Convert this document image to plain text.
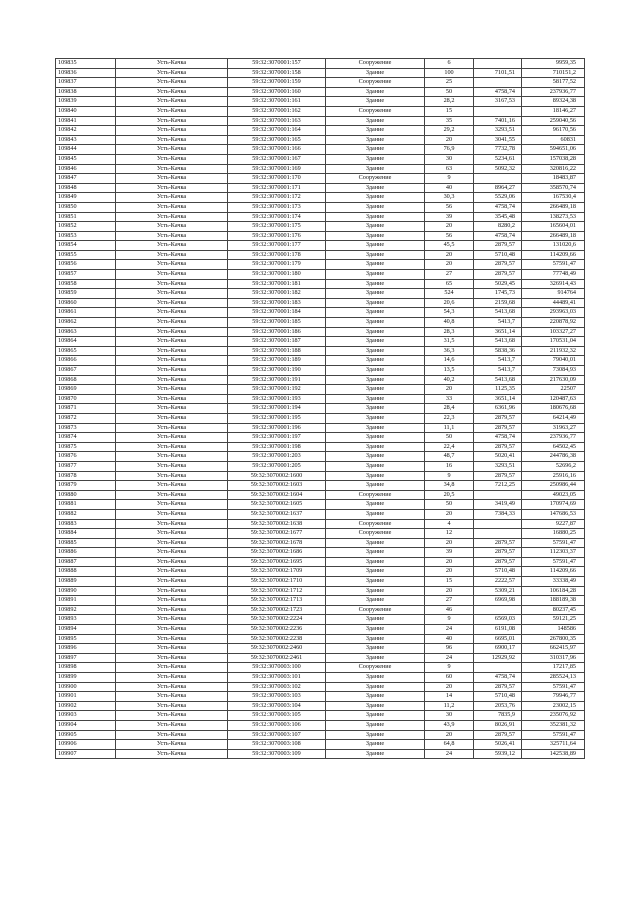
109835	Усть-Качка	59:32:3070001:157	Сооружение	6		9959,35
109836	Усть-Качка	59:32:3070001:158	Здание	100	7101,51	710151,2
109837	Усть-Качка	59:32:3070001:159	Сооружение	25		58177,52
109838	Усть-Качка	59:32:3070001:160	Здание	50	4758,74	237936,77
109839	Усть-Качка	59:32:3070001:161	Здание	28,2	3167,53	89324,38
109840	Усть-Качка	59:32:3070001:162	Сооружение	15		18146,27
109841	Усть-Качка	59:32:3070001:163	Здание	35	7401,16	259040,56
109842	Усть-Качка	59:32:3070001:164	Здание	29,2	3293,51	96170,56
109843	Усть-Качка	59:32:3070001:165	Здание	20	3041,55	60831
109844	Усть-Качка	59:32:3070001:166	Здание	76,9	7732,78	594651,06
109845	Усть-Качка	59:32:3070001:167	Здание	30	5234,61	157038,28
109846	Усть-Качка	59:32:3070001:169	Здание	63	5092,32	320816,22
109847	Усть-Качка	59:32:3070001:170	Сооружение	9		18483,87
109848	Усть-Качка	59:32:3070001:171	Здание	40	8964,27	358570,74
109849	Усть-Качка	59:32:3070001:172	Здание	30,3	5529,06	167530,4
109850	Усть-Качка	59:32:3070001:173	Здание	56	4758,74	266489,18
109851	Усть-Качка	59:32:3070001:174	Здание	39	3545,48	138273,53
109852	Усть-Качка	59:32:3070001:175	Здание	20	8280,2	165604,01
109853	Усть-Качка	59:32:3070001:176	Здание	56	4758,74	266489,18
109854	Усть-Качка	59:32:3070001:177	Здание	45,5	2879,57	131020,6
109855	Усть-Качка	59:32:3070001:178	Здание	20	5710,48	114209,66
109856	Усть-Качка	59:32:3070001:179	Здание	20	2879,57	57591,47
109857	Усть-Качка	59:32:3070001:180	Здание	27	2879,57	77748,49
109858	Усть-Качка	59:32:3070001:181	Здание	65	5029,45	326914,43
109859	Усть-Качка	59:32:3070001:182	Здание	524	1745,73	914764
109860	Усть-Качка	59:32:3070001:183	Здание	20,6	2159,68	44489,41
109861	Усть-Качка	59:32:3070001:184	Здание	54,3	5413,68	293963,03
109862	Усть-Качка	59:32:3070001:185	Здание	40,8	5413,7	220878,92
109863	Усть-Качка	59:32:3070001:186	Здание	28,3	3651,14	103327,27
109864	Усть-Качка	59:32:3070001:187	Здание	31,5	5413,68	170531,04
109865	Усть-Качка	59:32:3070001:188	Здание	36,3	5838,36	211932,32
109866	Усть-Качка	59:32:3070001:189	Здание	14,6	5413,7	79040,01
109867	Усть-Качка	59:32:3070001:190	Здание	13,5	5413,7	73084,93
109868	Усть-Качка	59:32:3070001:191	Здание	40,2	5413,68	217630,09
109869	Усть-Качка	59:32:3070001:192	Здание	20	1125,35	22507
109870	Усть-Качка	59:32:3070001:193	Здание	33	3651,14	120487,63
109871	Усть-Качка	59:32:3070001:194	Здание	28,4	6361,96	180676,68
109872	Усть-Качка	59:32:3070001:195	Здание	22,3	2879,57	64214,49
109873	Усть-Качка	59:32:3070001:196	Здание	11,1	2879,57	31963,27
109874	Усть-Качка	59:32:3070001:197	Здание	50	4758,74	237936,77
109875	Усть-Качка	59:32:3070001:198	Здание	22,4	2879,57	64502,45
109876	Усть-Качка	59:32:3070001:203	Здание	48,7	5020,41	244786,38
109877	Усть-Качка	59:32:3070001:205	Здание	16	3293,51	52696,2
109878	Усть-Качка	59:32:3070002:1600	Здание	9	2879,57	25916,16
109879	Усть-Качка	59:32:3070002:1603	Здание	34,8	7212,25	250986,44
109880	Усть-Качка	59:32:3070002:1604	Сооружение	20,5		49023,05
109881	Усть-Качка	59:32:3070002:1605	Здание	50	3419,49	170974,69
109882	Усть-Качка	59:32:3070002:1637	Здание	20	7384,33	147686,53
109883	Усть-Качка	59:32:3070002:1638	Сооружение	4		9227,87
109884	Усть-Качка	59:32:3070002:1677	Сооружение	12		16880,25
109885	Усть-Качка	59:32:3070002:1678	Здание	20	2879,57	57591,47
109886	Усть-Качка	59:32:3070002:1686	Здание	39	2879,57	112303,37
109887	Усть-Качка	59:32:3070002:1695	Здание	20	2879,57	57591,47
109888	Усть-Качка	59:32:3070002:1709	Здание	20	5710,48	114209,66
109889	Усть-Качка	59:32:3070002:1710	Здание	15	2222,57	33338,49
109890	Усть-Качка	59:32:3070002:1712	Здание	20	5309,21	106184,28
109891	Усть-Качка	59:32:3070002:1713	Здание	27	6969,98	188189,38
109892	Усть-Качка	59:32:3070002:1723	Сооружение	46		80237,45
109893	Усть-Качка	59:32:3070002:2224	Здание	9	6569,03	59121,25
109894	Усть-Качка	59:32:3070002:2236	Здание	24	6191,08	148586
109895	Усть-Качка	59:32:3070002:2238	Здание	40	6695,01	267800,35
109896	Усть-Качка	59:32:3070002:2460	Здание	96	6900,17	662415,97
109897	Усть-Качка	59:32:3070002:2461	Здание	24	12929,92	310317,96
109898	Усть-Качка	59:32:3070003:100	Сооружение	9		17217,85
109899	Усть-Качка	59:32:3070003:101	Здание	60	4758,74	285524,13
109900	Усть-Качка	59:32:3070003:102	Здание	20	2879,57	57591,47
109901	Усть-Качка	59:32:3070003:103	Здание	14	5710,48	79946,77
109902	Усть-Качка	59:32:3070003:104	Здание	11,2	2053,76	23002,15
109903	Усть-Качка	59:32:3070003:105	Здание	30	7835,9	235076,92
109904	Усть-Качка	59:32:3070003:106	Здание	43,9	8026,91	352381,32
109905	Усть-Качка	59:32:3070003:107	Здание	20	2879,57	57591,47
109906	Усть-Качка	59:32:3070003:108	Здание	64,8	5026,41	325711,64
109907	Усть-Качка	59:32:3070003:109	Здание	24	5939,12	142538,89
